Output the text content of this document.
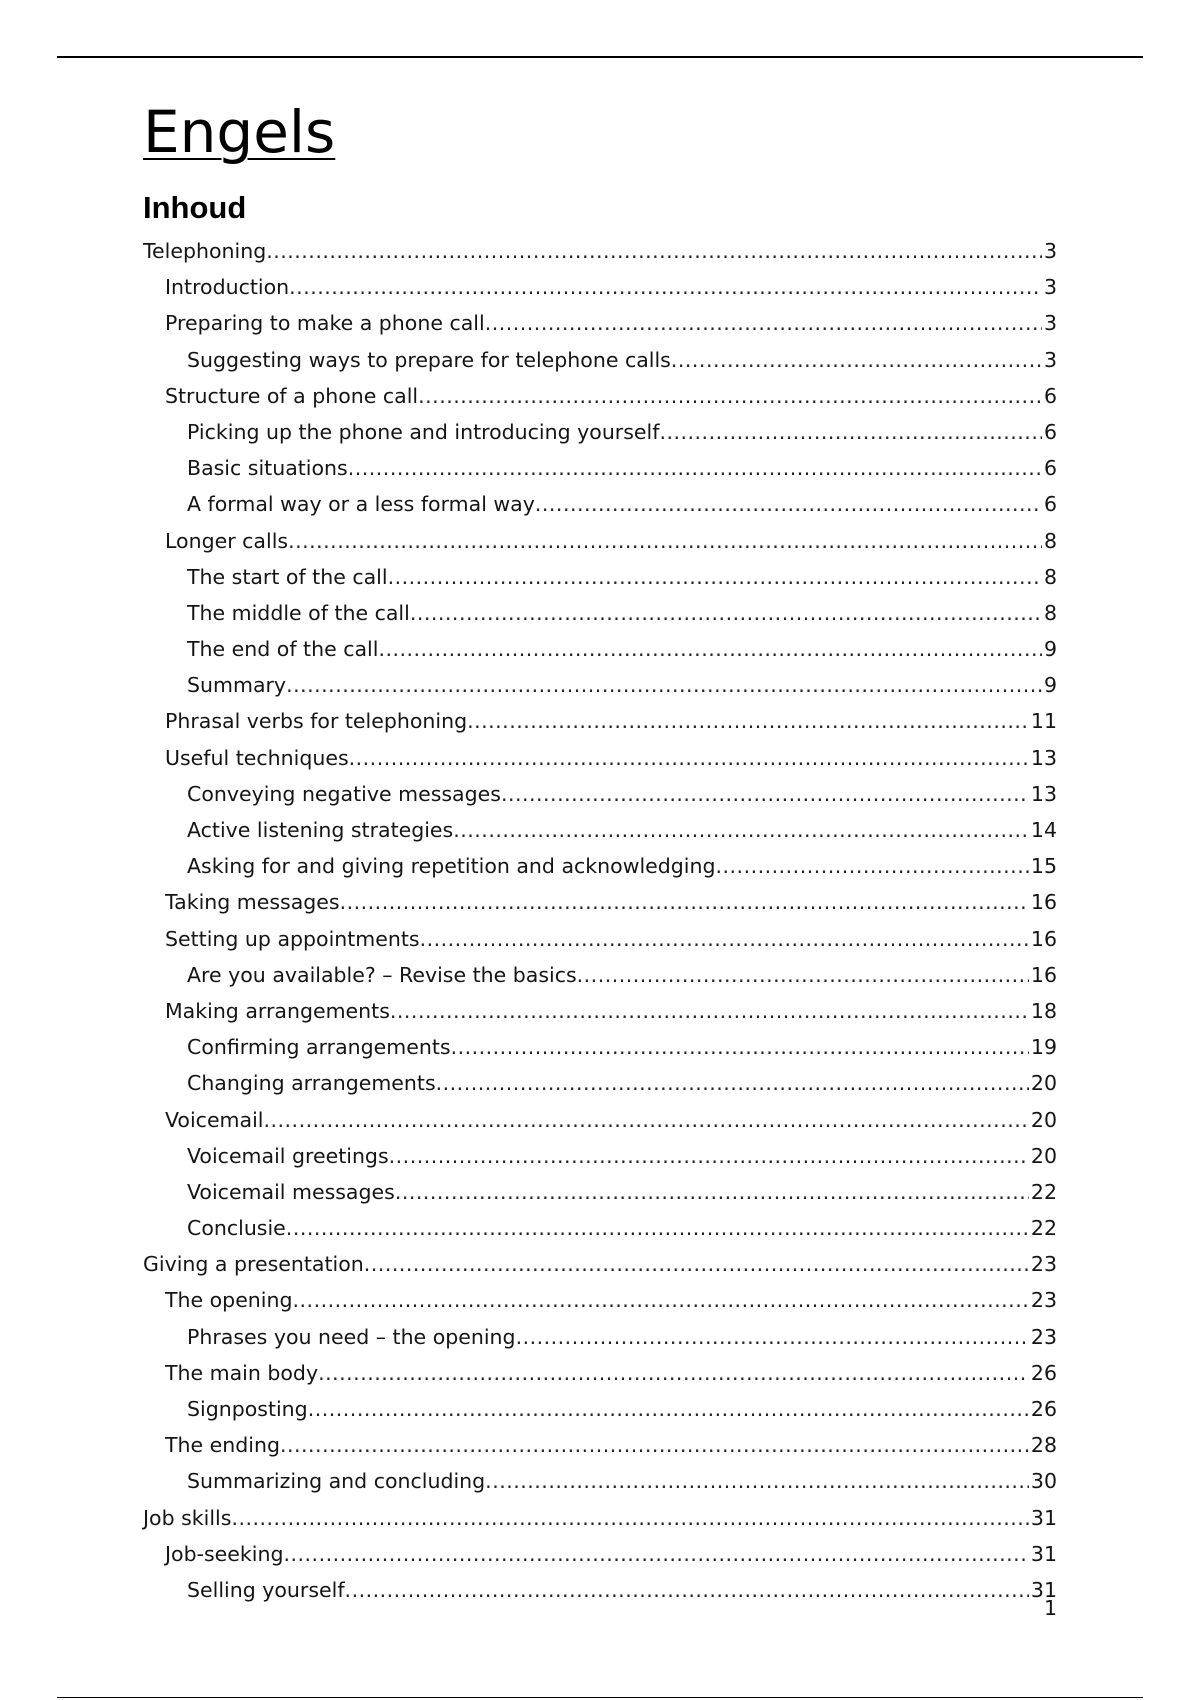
Engels
Inhoud
Telephoning .....	3
Introduction .....	3
Preparing to make a phone call .....	3
Suggesting ways to prepare for telephone calls .....	3
Structure of a phone call .....	6
Picking up the phone and introducing yourself .....	6
Basic situations .....	6
A formal way or a less formal way .....	6
Longer calls .....	8
The start of the call .....	8
The middle of the call .....	8
The end of the call .....	9
Summary .....	9
Phrasal verbs for telephoning .....	11
Useful techniques .....	13
Conveying negative messages .....	13
Active listening strategies .....	14
Asking for and giving repetition and acknowledging .....	15
Taking messages .....	16
Setting up appointments .....	16
Are you available? – Revise the basics .....	16
Making arrangements .....	18
Confirming arrangements .....	19
Changing arrangements .....	20
Voicemail .....	20
Voicemail greetings .....	20
Voicemail messages .....	22
Conclusie .....	22
Giving a presentation .....	23
The opening .....	23
Phrases you need – the opening .....	23
The main body .....	26
Signposting .....	26
The ending .....	28
Summarizing and concluding .....	30
Job skills .....	31
Job-seeking .....	31
Selling yourself .....	31
1
